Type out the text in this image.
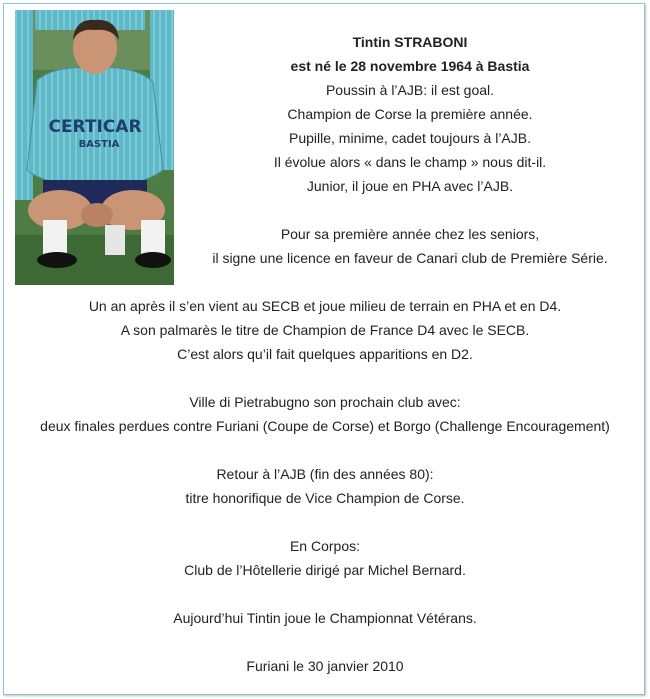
CERTICAR
BASTIA
Tintin STRABONI
est né le 28 novembre 1964 à Bastia
Poussin à l’AJB: il est goal.
Champion de Corse la première année.
Pupille, minime, cadet toujours à l’AJB.
Il évolue alors « dans le champ » nous dit-il.
Junior, il joue en PHA avec l’AJB.
Pour sa première année chez les seniors,
il signe une licence en faveur de Canari club de Première Série.
Un an après il s’en vient au SECB et joue milieu de terrain en PHA et en D4.
A son palmarès le titre de Champion de France D4 avec le SECB.
C’est alors qu’il fait quelques apparitions en D2.
Ville di Pietrabugno son prochain club avec:
deux finales perdues contre Furiani (Coupe de Corse) et Borgo (Challenge Encouragement)
Retour à l’AJB (fin des années 80):
titre honorifique de Vice Champion de Corse.
En Corpos:
Club de l’Hôtellerie dirigé par Michel Bernard.
Aujourd’hui Tintin joue le Championnat Vétérans.
Furiani le 30 janvier 2010
